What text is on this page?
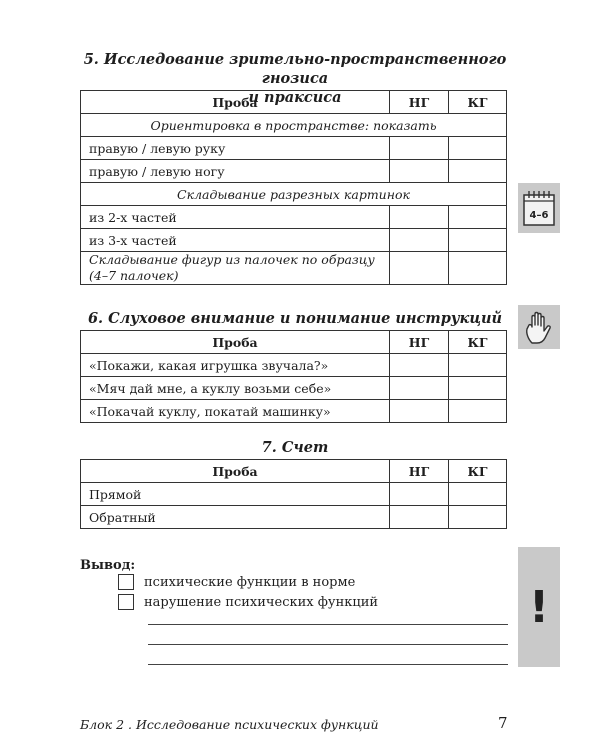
5. Исследование зрительно-пространственного гнозиса
и праксиса
Проба	НГ	КГ
Ориентировка в пространстве: показать		
правую / левую руку		
правую / левую ногу		
Складывание разрезных картинок		
из 2-х частей		
из 3-х частей		
Складывание фигур из палочек по образцу (4–7 палочек)		
6. Слуховое внимание и понимание инструкций
Проба	НГ	КГ
«Покажи, какая игрушка звучала?»		
«Мяч дай мне, а куклу возьми себе»		
«Покачай куклу, покатай машинку»		
7. Счет
Проба	НГ	КГ
Прямой		
Обратный		
Вывод:
психические функции в норме
нарушение психических функций
4–6
!
Блок 2 . Исследование психических функций	7
